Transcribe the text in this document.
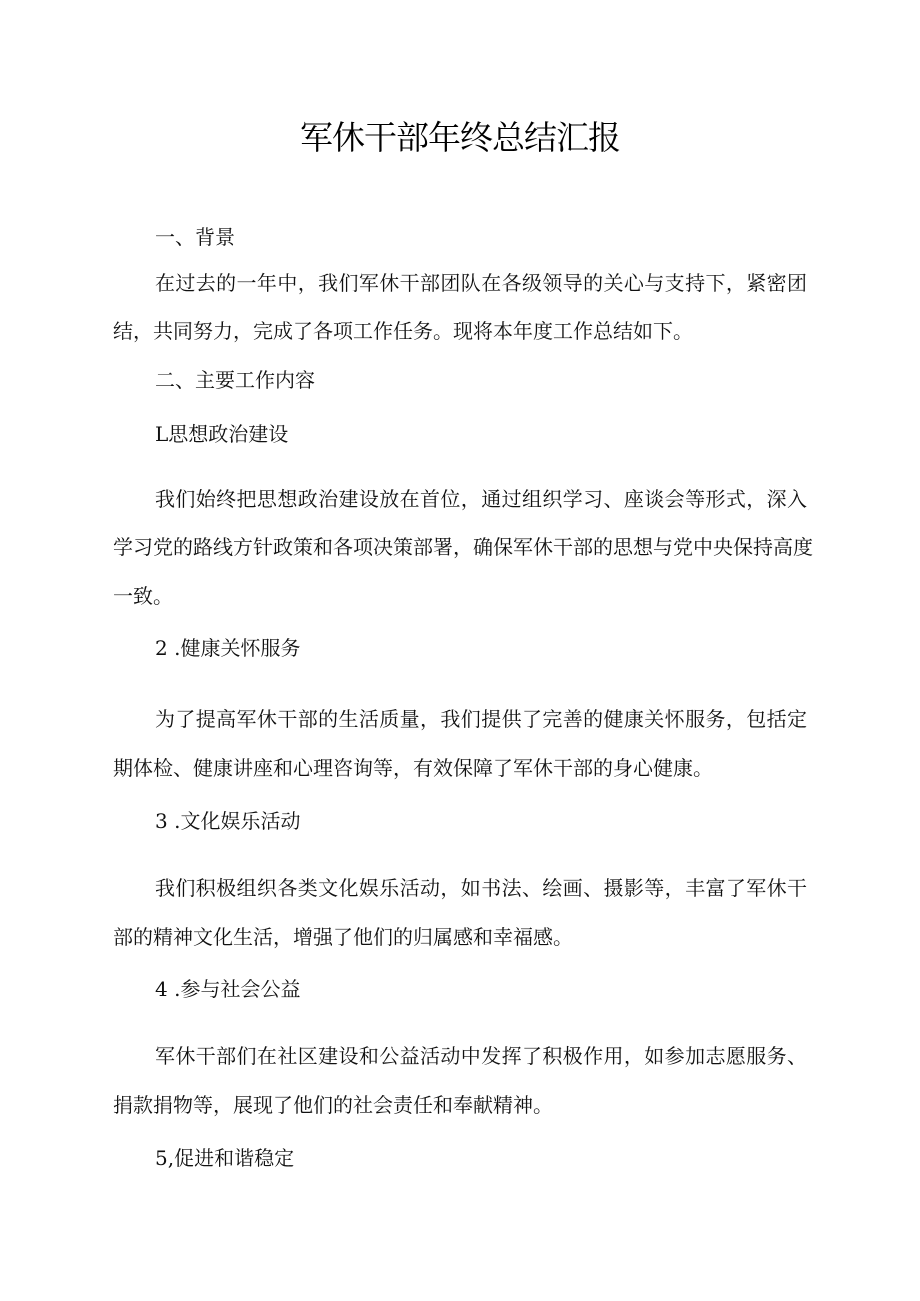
军休干部年终总结汇报
一、背景
在过去的一年中，我们军休干部团队在各级领导的关心与支持下，紧密团
结，共同努力，完成了各项工作任务。现将本年度工作总结如下。
二、主要工作内容
L思想政治建设
我们始终把思想政治建设放在首位，通过组织学习、座谈会等形式，深入
学习党的路线方针政策和各项决策部署，确保军休干部的思想与党中央保持高度
一致。
2 .健康关怀服务
为了提高军休干部的生活质量，我们提供了完善的健康关怀服务，包括定
期体检、健康讲座和心理咨询等，有效保障了军休干部的身心健康。
3 .文化娱乐活动
我们积极组织各类文化娱乐活动，如书法、绘画、摄影等，丰富了军休干
部的精神文化生活，增强了他们的归属感和幸福感。
4 .参与社会公益
军休干部们在社区建设和公益活动中发挥了积极作用，如参加志愿服务、
捐款捐物等，展现了他们的社会责任和奉献精神。
5,促进和谐稳定
